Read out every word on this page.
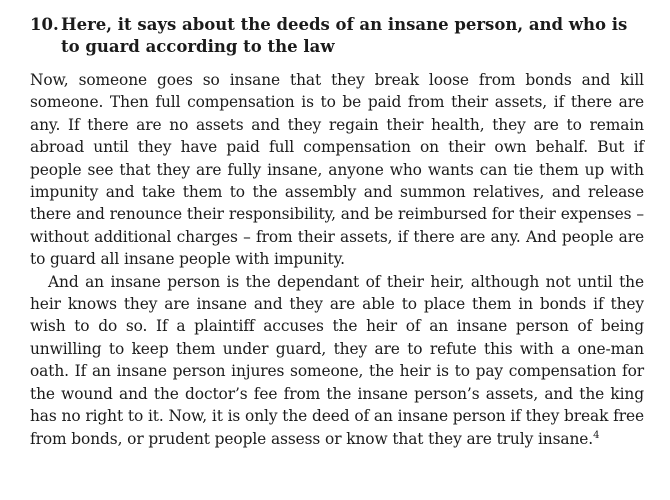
10. Here, it says about the deeds of an insane person, and who is to guard according to the law

Now, someone goes so insane that they break loose from bonds and kill someone. Then full compensation is to be paid from their assets, if there are any. If there are no assets and they regain their health, they are to remain abroad until they have paid full compensation on their own behalf. But if people see that they are fully insane, anyone who wants can tie them up with impunity and take them to the assembly and summon relatives, and release there and renounce their responsibility, and be reimbursed for their expenses – without additional charges – from their assets, if there are any. And people are to guard all insane people with impunity.

And an insane person is the dependant of their heir, although not until the heir knows they are insane and they are able to place them in bonds if they wish to do so. If a plaintiff accuses the heir of an insane person of being unwilling to keep them under guard, they are to refute this with a one-man oath. If an insane person injures someone, the heir is to pay compensation for the wound and the doctor’s fee from the insane person’s assets, and the king has no right to it. Now, it is only the deed of an insane person if they break free from bonds, or prudent people assess or know that they are truly insane.$^4$
